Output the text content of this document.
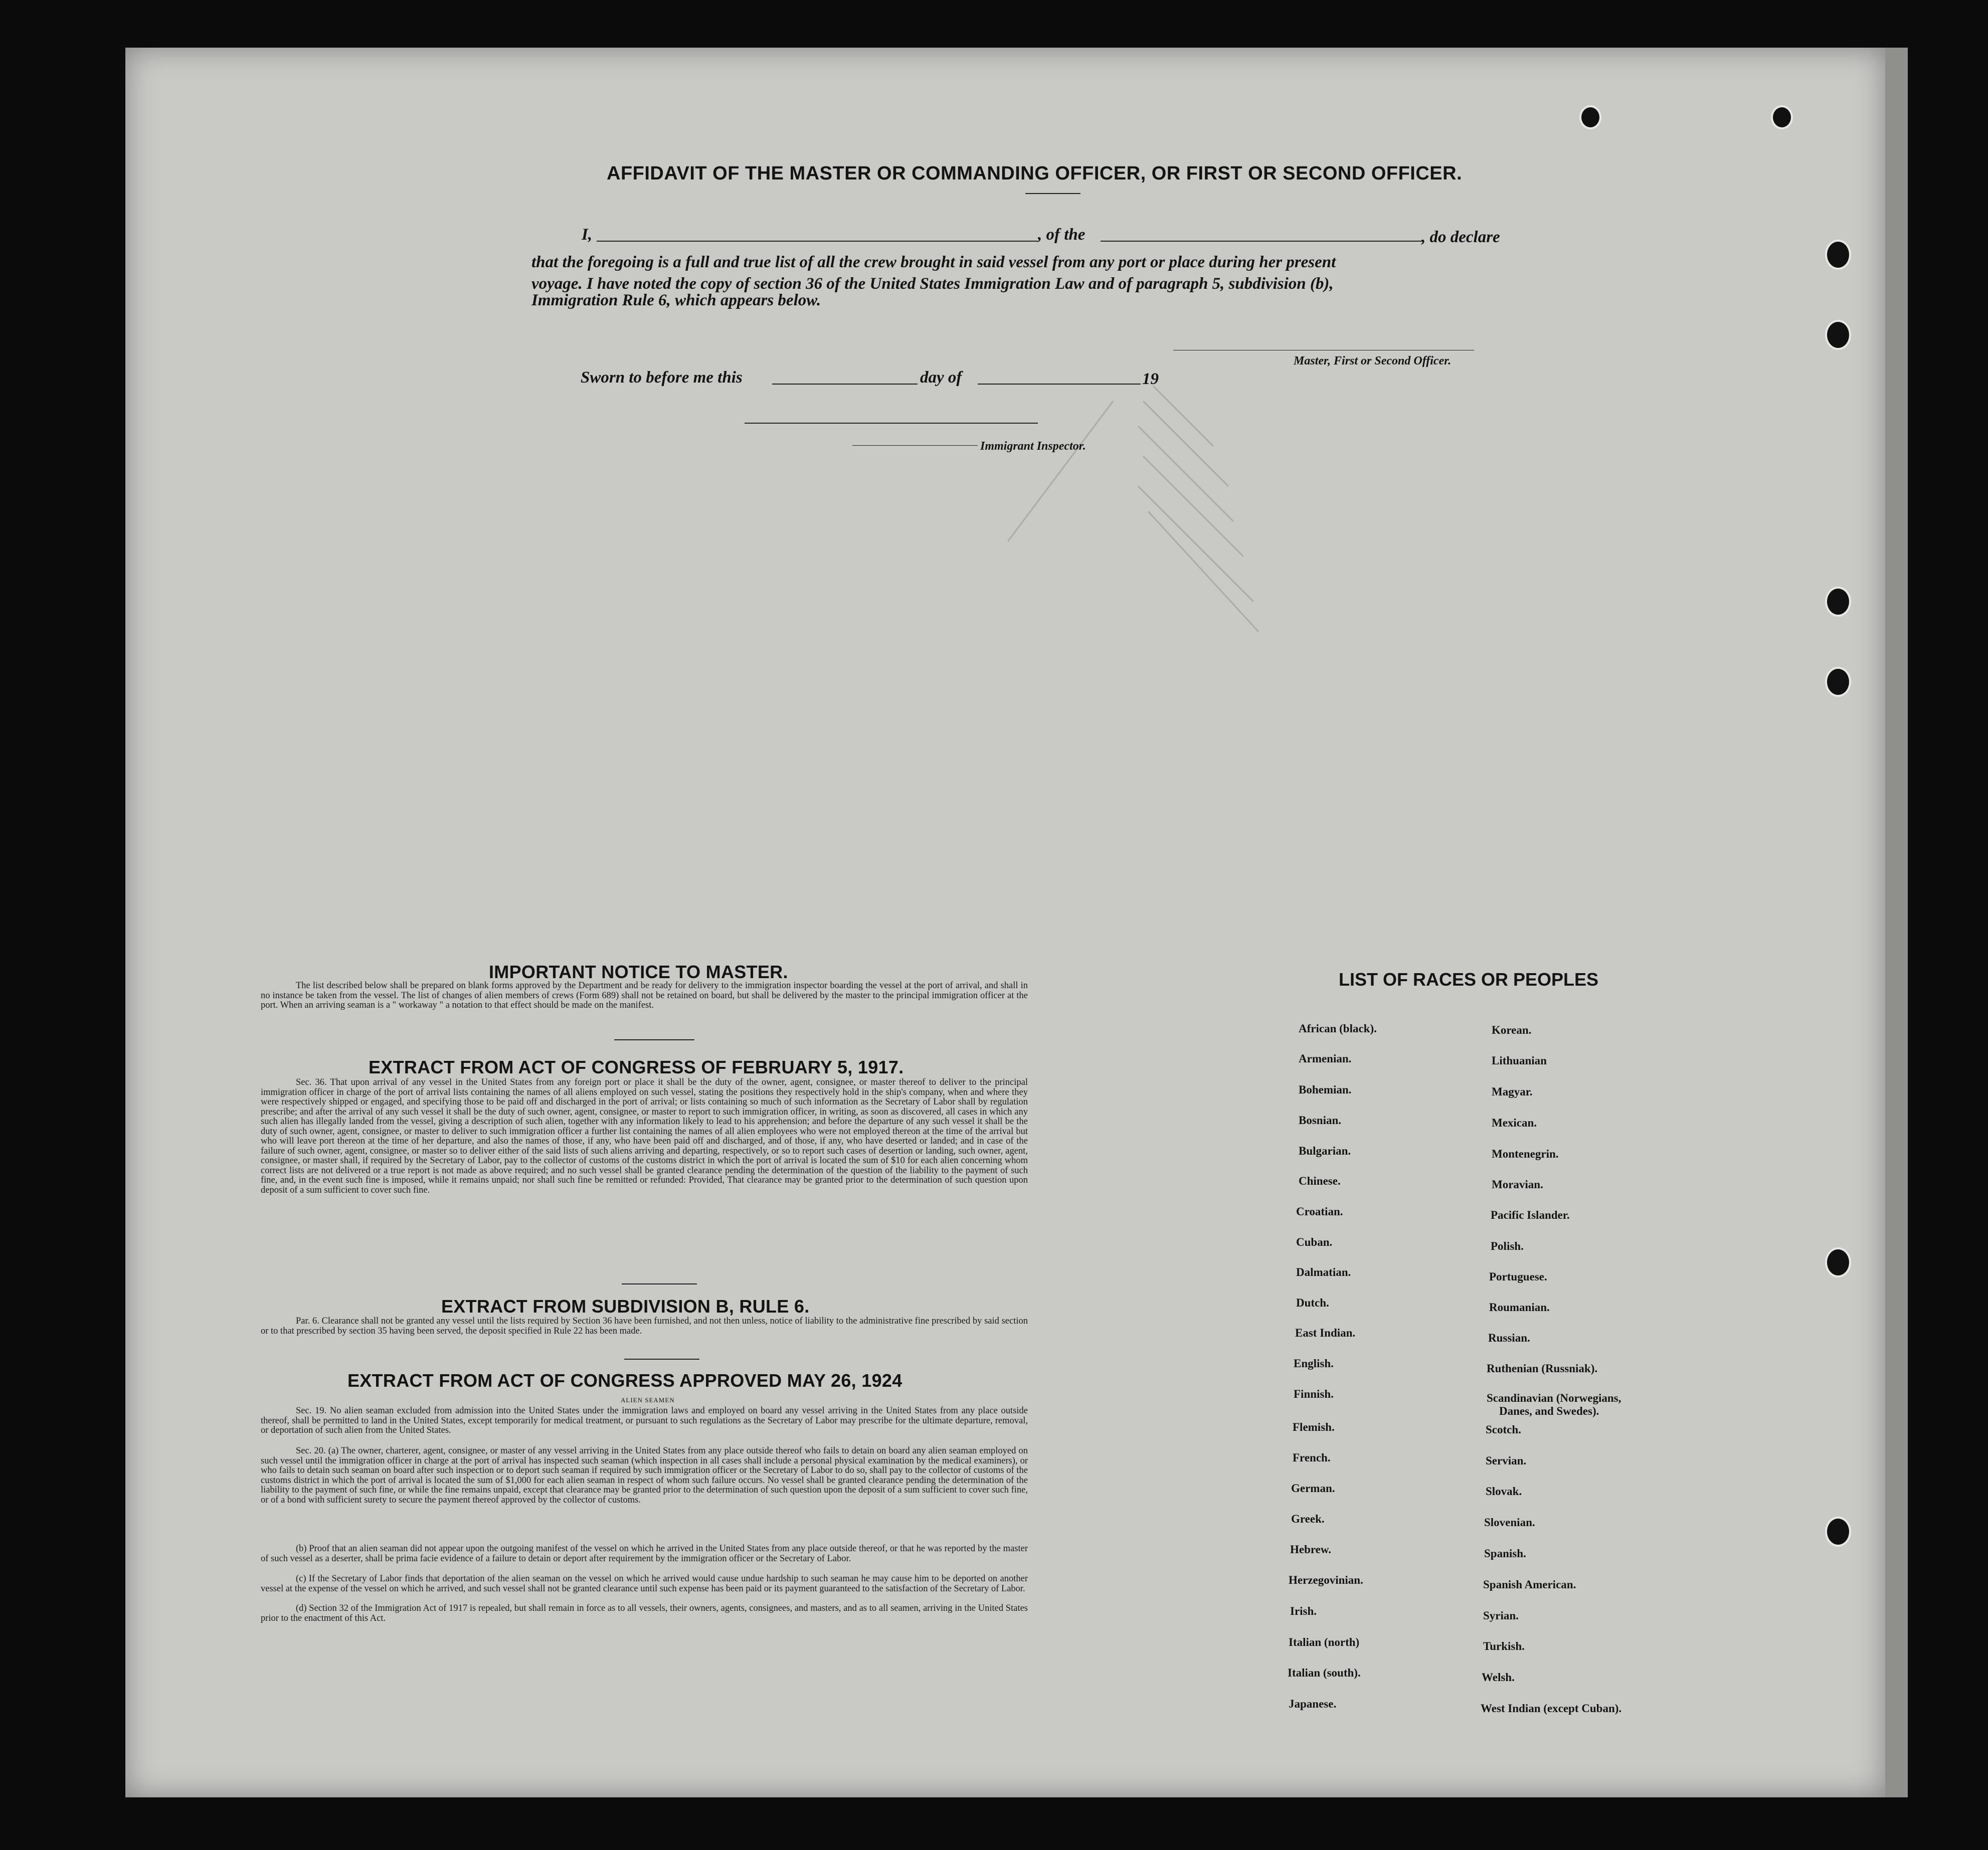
AFFIDAVIT OF THE MASTER OR COMMANDING OFFICER, OR FIRST OR SECOND OFFICER.
I,	, of the	, do declare
that the foregoing is a full and true list of all the crew brought in said vessel from any port or place during her present
voyage. I have noted the copy of section 36 of the United States Immigration Law and of paragraph 5, subdivision (b),
Immigration Rule 6, which appears below.
Master, First or Second Officer.
Sworn to before me this	day of	19
Immigrant Inspector.
IMPORTANT NOTICE TO MASTER.
The list described below shall be prepared on blank forms approved by the Department and be ready for delivery to the immigration inspector boarding the vessel at the port of arrival, and shall in no instance be taken from the vessel. The list of changes of alien members of crews (Form 689) shall not be retained on board, but shall be delivered by the master to the principal immigration officer at the port. When an arriving seaman is a " workaway " a notation to that effect should be made on the manifest.
EXTRACT FROM ACT OF CONGRESS OF FEBRUARY 5, 1917.
Sec. 36. That upon arrival of any vessel in the United States from any foreign port or place it shall be the duty of the owner, agent, consignee, or master thereof to deliver to the principal immigration officer in charge of the port of arrival lists containing the names of all aliens employed on such vessel, stating the positions they respectively hold in the ship's company, when and where they were respectively shipped or engaged, and specifying those to be paid off and discharged in the port of arrival; or lists containing so much of such information as the Secretary of Labor shall by regulation prescribe; and after the arrival of any such vessel it shall be the duty of such owner, agent, consignee, or master to report to such immigration officer, in writing, as soon as discovered, all cases in which any such alien has illegally landed from the vessel, giving a description of such alien, together with any information likely to lead to his apprehension; and before the departure of any such vessel it shall be the duty of such owner, agent, consignee, or master to deliver to such immigration officer a further list containing the names of all alien employees who were not employed thereon at the time of the arrival but who will leave port thereon at the time of her departure, and also the names of those, if any, who have been paid off and discharged, and of those, if any, who have deserted or landed; and in case of the failure of such owner, agent, consignee, or master so to deliver either of the said lists of such aliens arriving and departing, respectively, or so to report such cases of desertion or landing, such owner, agent, consignee, or master shall, if required by the Secretary of Labor, pay to the collector of customs of the customs district in which the port of arrival is located the sum of $10 for each alien concerning whom correct lists are not delivered or a true report is not made as above required; and no such vessel shall be granted clearance pending the determination of the question of the liability to the payment of such fine, and, in the event such fine is imposed, while it remains unpaid; nor shall such fine be remitted or refunded: Provided, That clearance may be granted prior to the determination of such question upon deposit of a sum sufficient to cover such fine.
EXTRACT FROM SUBDIVISION B, RULE 6.
Par. 6. Clearance shall not be granted any vessel until the lists required by Section 36 have been furnished, and not then unless, notice of liability to the administrative fine prescribed by said section or to that prescribed by section 35 having been served, the deposit specified in Rule 22 has been made.
EXTRACT FROM ACT OF CONGRESS APPROVED MAY 26, 1924
ALIEN SEAMEN
Sec. 19. No alien seaman excluded from admission into the United States under the immigration laws and employed on board any vessel arriving in the United States from any place outside thereof, shall be permitted to land in the United States, except temporarily for medical treatment, or pursuant to such regulations as the Secretary of Labor may prescribe for the ultimate departure, removal, or deportation of such alien from the United States.
Sec. 20. (a) The owner, charterer, agent, consignee, or master of any vessel arriving in the United States from any place outside thereof who fails to detain on board any alien seaman employed on such vessel until the immigration officer in charge at the port of arrival has inspected such seaman (which inspection in all cases shall include a personal physical examination by the medical examiners), or who fails to detain such seaman on board after such inspection or to deport such seaman if required by such immigration officer or the Secretary of Labor to do so, shall pay to the collector of customs of the customs district in which the port of arrival is located the sum of $1,000 for each alien seaman in respect of whom such failure occurs. No vessel shall be granted clearance pending the determination of the liability to the payment of such fine, or while the fine remains unpaid, except that clearance may be granted prior to the determination of such question upon the deposit of a sum sufficient to cover such fine, or of a bond with sufficient surety to secure the payment thereof approved by the collector of customs.
(b) Proof that an alien seaman did not appear upon the outgoing manifest of the vessel on which he arrived in the United States from any place outside thereof, or that he was reported by the master of such vessel as a deserter, shall be prima facie evidence of a failure to detain or deport after requirement by the immigration officer or the Secretary of Labor.
(c) If the Secretary of Labor finds that deportation of the alien seaman on the vessel on which he arrived would cause undue hardship to such seaman he may cause him to be deported on another vessel at the expense of the vessel on which he arrived, and such vessel shall not be granted clearance until such expense has been paid or its payment guaranteed to the satisfaction of the Secretary of Labor.
(d) Section 32 of the Immigration Act of 1917 is repealed, but shall remain in force as to all vessels, their owners, agents, consignees, and masters, and as to all seamen, arriving in the United States prior to the enactment of this Act.
LIST OF RACES OR PEOPLES
African (black).
Armenian.
Bohemian.
Bosnian.
Bulgarian.
Chinese.
Croatian.
Cuban.
Dalmatian.
Dutch.
East Indian.
English.
Finnish.
Flemish.
French.
German.
Greek.
Hebrew.
Herzegovinian.
Irish.
Italian (north)
Italian (south).
Japanese.
Korean.
Lithuanian
Magyar.
Mexican.
Montenegrin.
Moravian.
Pacific Islander.
Polish.
Portuguese.
Roumanian.
Russian.
Ruthenian (Russniak).
Scandinavian (Norwegians,
Danes, and Swedes).
Scotch.
Servian.
Slovak.
Slovenian.
Spanish.
Spanish American.
Syrian.
Turkish.
Welsh.
West Indian (except Cuban).
